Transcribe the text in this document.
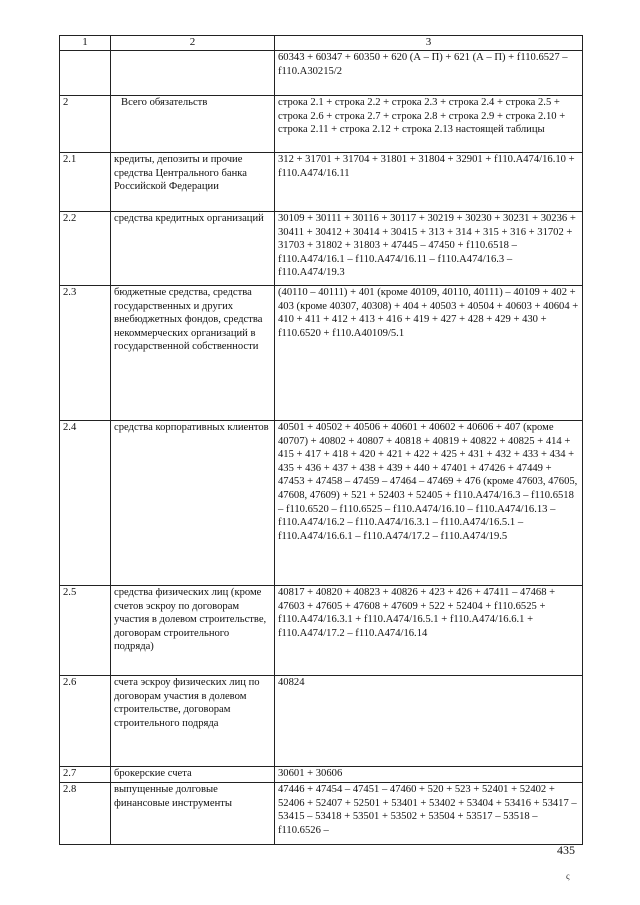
1	2	3
		60343 + 60347 + 60350 + 620 (А – П) + 621 (А – П) + f110.6527 – f110.A30215/2
2	Всего обязательств	строка 2.1 + строка 2.2 + строка 2.3 + строка 2.4 + строка 2.5 + строка 2.6 + строка 2.7 + строка 2.8 + строка 2.9 + строка 2.10 + строка 2.11 + строка 2.12 + строка 2.13 настоящей таблицы
2.1	кредиты, депозиты и прочие средства Центрального банка Российской Федерации	312 + 31701 + 31704 + 31801 + 31804 + 32901 + f110.A474/16.10 + f110.A474/16.11
2.2	средства кредитных организаций	30109 + 30111 + 30116 + 30117 + 30219 + 30230 + 30231 + 30236 + 30411 + 30412 + 30414 + 30415 + 313 + 314 + 315 + 316 + 31702 + 31703 + 31802 + 31803 + 47445 – 47450 + f110.6518 – f110.A474/16.1 – f110.A474/16.11 – f110.A474/16.3 – f110.A474/19.3
2.3	бюджетные средства, средства государственных и других внебюджетных фондов, средства некоммерческих организаций в государственной собственности	(40110 – 40111) + 401 (кроме 40109, 40110, 40111) – 40109 + 402 + 403 (кроме 40307, 40308) + 404 + 40503 + 40504 + 40603 + 40604 + 410 + 411 + 412 + 413 + 416 + 419 + 427 + 428 + 429 + 430 + f110.6520 + f110.A40109/5.1
2.4	средства корпоративных клиентов	40501 + 40502 + 40506 + 40601 + 40602 + 40606 + 407 (кроме 40707) + 40802 + 40807 + 40818 + 40819 + 40822 + 40825 + 414 + 415 + 417 + 418 + 420 + 421 + 422 + 425 + 431 + 432 + 433 + 434 + 435 + 436 + 437 + 438 + 439 + 440 + 47401 + 47426 + 47449 + 47453 + 47458 – 47459 – 47464 – 47469 + 476 (кроме 47603, 47605, 47608, 47609) + 521 + 52403 + 52405 + f110.A474/16.3 – f110.6518 – f110.6520 – f110.6525 – f110.A474/16.10 – f110.A474/16.13 – f110.A474/16.2 – f110.A474/16.3.1 – f110.A474/16.5.1 – f110.A474/16.6.1 – f110.A474/17.2 – f110.A474/19.5
2.5	средства физических лиц (кроме счетов эскроу по договорам участия в долевом строительстве, договорам строительного подряда)	40817 + 40820 + 40823 + 40826 + 423 + 426 + 47411 – 47468 + 47603 + 47605 + 47608 + 47609 + 522 + 52404 + f110.6525 + f110.A474/16.3.1 + f110.A474/16.5.1 + f110.A474/16.6.1 + f110.A474/17.2 – f110.A474/16.14
2.6	счета эскроу физических лиц по договорам участия в долевом строительстве, договорам строительного подряда	40824
2.7	брокерские счета	30601 + 30606
2.8	выпущенные долговые финансовые инструменты	47446 + 47454 – 47451 – 47460 + 520 + 523 + 52401 + 52402 + 52406 + 52407 + 52501 + 53401 + 53402 + 53404 + 53416 + 53417 – 53415 – 53418 + 53501 + 53502 + 53504 + 53517 – 53518 – f110.6526 –
435
ς
